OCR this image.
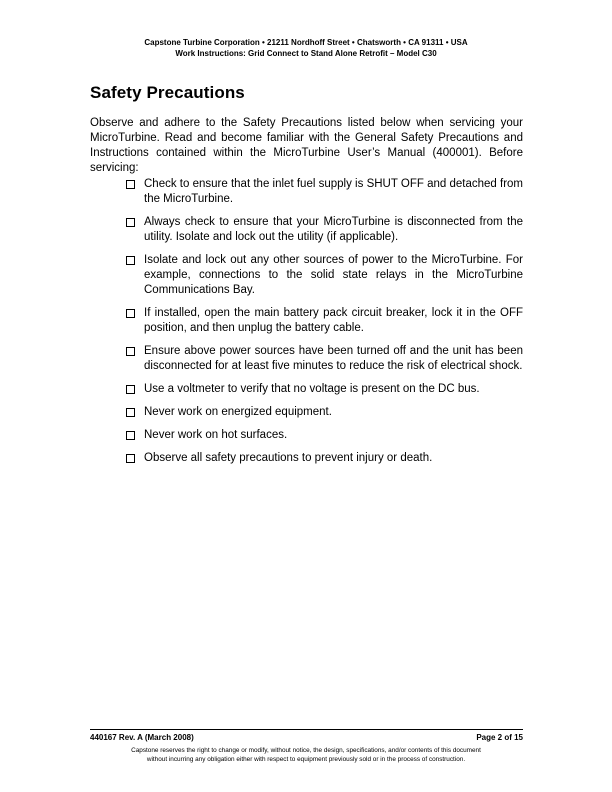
Capstone Turbine Corporation • 21211 Nordhoff Street • Chatsworth • CA 91311 • USA
Work Instructions: Grid Connect to Stand Alone Retrofit – Model C30
Safety Precautions

Observe and adhere to the Safety Precautions listed below when servicing your MicroTurbine. Read and become familiar with the General Safety Precautions and Instructions contained within the MicroTurbine User’s Manual (400001). Before servicing:

Check to ensure that the inlet fuel supply is SHUT OFF and detached from the MicroTurbine.
Always check to ensure that your MicroTurbine is disconnected from the utility. Isolate and lock out the utility (if applicable).
Isolate and lock out any other sources of power to the MicroTurbine. For example, connections to the solid state relays in the MicroTurbine Communications Bay.
If installed, open the main battery pack circuit breaker, lock it in the OFF position, and then unplug the battery cable.
Ensure above power sources have been turned off and the unit has been disconnected for at least five minutes to reduce the risk of electrical shock.
Use a voltmeter to verify that no voltage is present on the DC bus.
Never work on energized equipment.
Never work on hot surfaces.
Observe all safety precautions to prevent injury or death.
440167 Rev. A (March 2008)	Page 2 of 15
Capstone reserves the right to change or modify, without notice, the design, specifications, and/or contents of this document
without incurring any obligation either with respect to equipment previously sold or in the process of construction.
